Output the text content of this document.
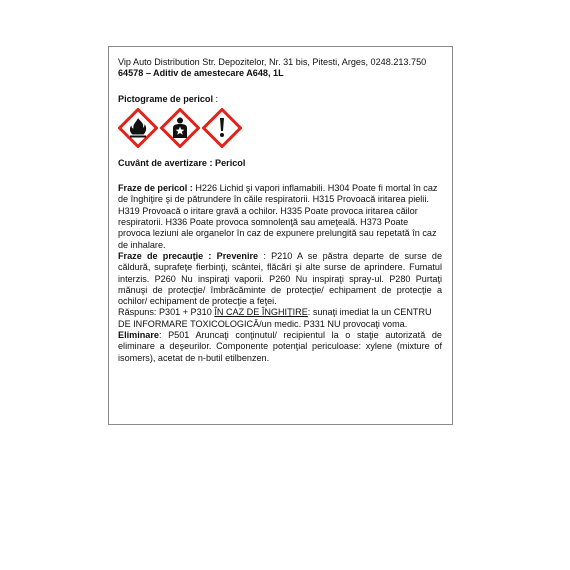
Vip Auto Distribution Str. Depozitelor, Nr. 31 bis, Pitesti, Arges, 0248.213.750

64578 – Aditiv de amestecare A648, 1L

Pictograme de pericol :

Cuvânt de avertizare : Pericol

Fraze de pericol : H226 Lichid şi vapori inflamabili. H304 Poate fi mortal în caz de înghiţire şi de pătrundere în căile respiratorii. H315 Provoacă iritarea pielii. H319 Provoacă o iritare gravă a ochilor. H335 Poate provoca iritarea căilor respiratorii. H336 Poate provoca somnolenţă sau ameţeală. H373 Poate provoca leziuni ale organelor în caz de expunere prelungită sau repetată în caz de inhalare.

Fraze de precauţie : Prevenire : P210 A se păstra departe de surse de căldură, suprafeţe fierbinţi, scântei, flăcări şi alte surse de aprindere. Fumatul interzis. P260 Nu inspiraţi vaporii. P260 Nu inspiraţi spray-ul. P280 Purtaţi mănuşi de protecţie/ îmbrăcăminte de protecţie/ echipament de protecţie a ochilor/ echipament de protecţie a feţei.

Răspuns: P301 + P310 ÎN CAZ DE ÎNGHIŢIRE: sunaţi imediat la un CENTRU DE INFORMARE TOXICOLOGICĂ/un medic. P331 NU provocaţi voma.

Eliminare: P501 Aruncaţi conţinutul/ recipientul la o staţie autorizată de eliminare a deşeurilor. Componente potenţial periculoase: xylene (mixture of isomers), acetat de n-butil etilbenzen.
